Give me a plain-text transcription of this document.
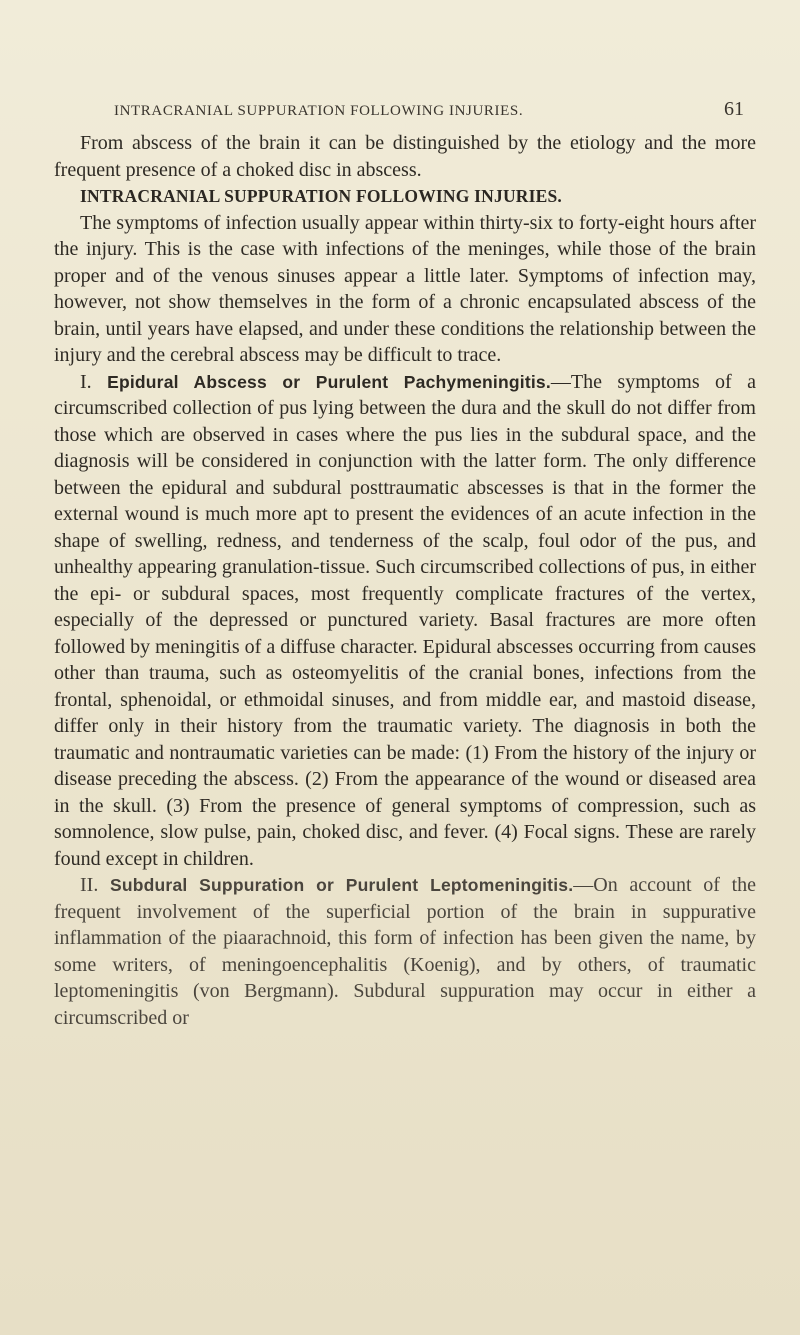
INTRACRANIAL SUPPURATION FOLLOWING INJURIES.	61

From abscess of the brain it can be distinguished by the etiology and the more frequent presence of a choked disc in abscess.

INTRACRANIAL SUPPURATION FOLLOWING INJURIES.

The symptoms of infection usually appear within thirty-six to forty-eight hours after the injury. This is the case with infections of the meninges, while those of the brain proper and of the venous sinuses appear a little later. Symptoms of infection may, however, not show themselves in the form of a chronic encapsulated abscess of the brain, until years have elapsed, and under these conditions the relationship between the injury and the cerebral abscess may be difficult to trace.

I. Epidural Abscess or Purulent Pachymeningitis.—The symptoms of a circumscribed collection of pus lying between the dura and the skull do not differ from those which are observed in cases where the pus lies in the subdural space, and the diagnosis will be considered in conjunction with the latter form. The only difference between the epidural and subdural posttraumatic abscesses is that in the former the external wound is much more apt to present the evidences of an acute infection in the shape of swelling, redness, and tenderness of the scalp, foul odor of the pus, and unhealthy appearing granulation-tissue. Such circumscribed collections of pus, in either the epi- or subdural spaces, most frequently complicate fractures of the vertex, especially of the depressed or punctured variety. Basal fractures are more often followed by meningitis of a diffuse character. Epidural abscesses occurring from causes other than trauma, such as osteomyelitis of the cranial bones, infections from the frontal, sphenoidal, or ethmoidal sinuses, and from middle ear, and mastoid disease, differ only in their history from the traumatic variety. The diagnosis in both the traumatic and nontraumatic varieties can be made: (1) From the history of the injury or disease preceding the abscess. (2) From the appearance of the wound or diseased area in the skull. (3) From the presence of general symptoms of compression, such as somnolence, slow pulse, pain, choked disc, and fever. (4) Focal signs. These are rarely found except in children.

II. Subdural Suppuration or Purulent Leptomeningitis.—On account of the frequent involvement of the superficial portion of the brain in suppurative inflammation of the piaarachnoid, this form of infection has been given the name, by some writers, of meningoencephalitis (Koenig), and by others, of traumatic leptomeningitis (von Bergmann). Subdural suppuration may occur in either a circumscribed or
